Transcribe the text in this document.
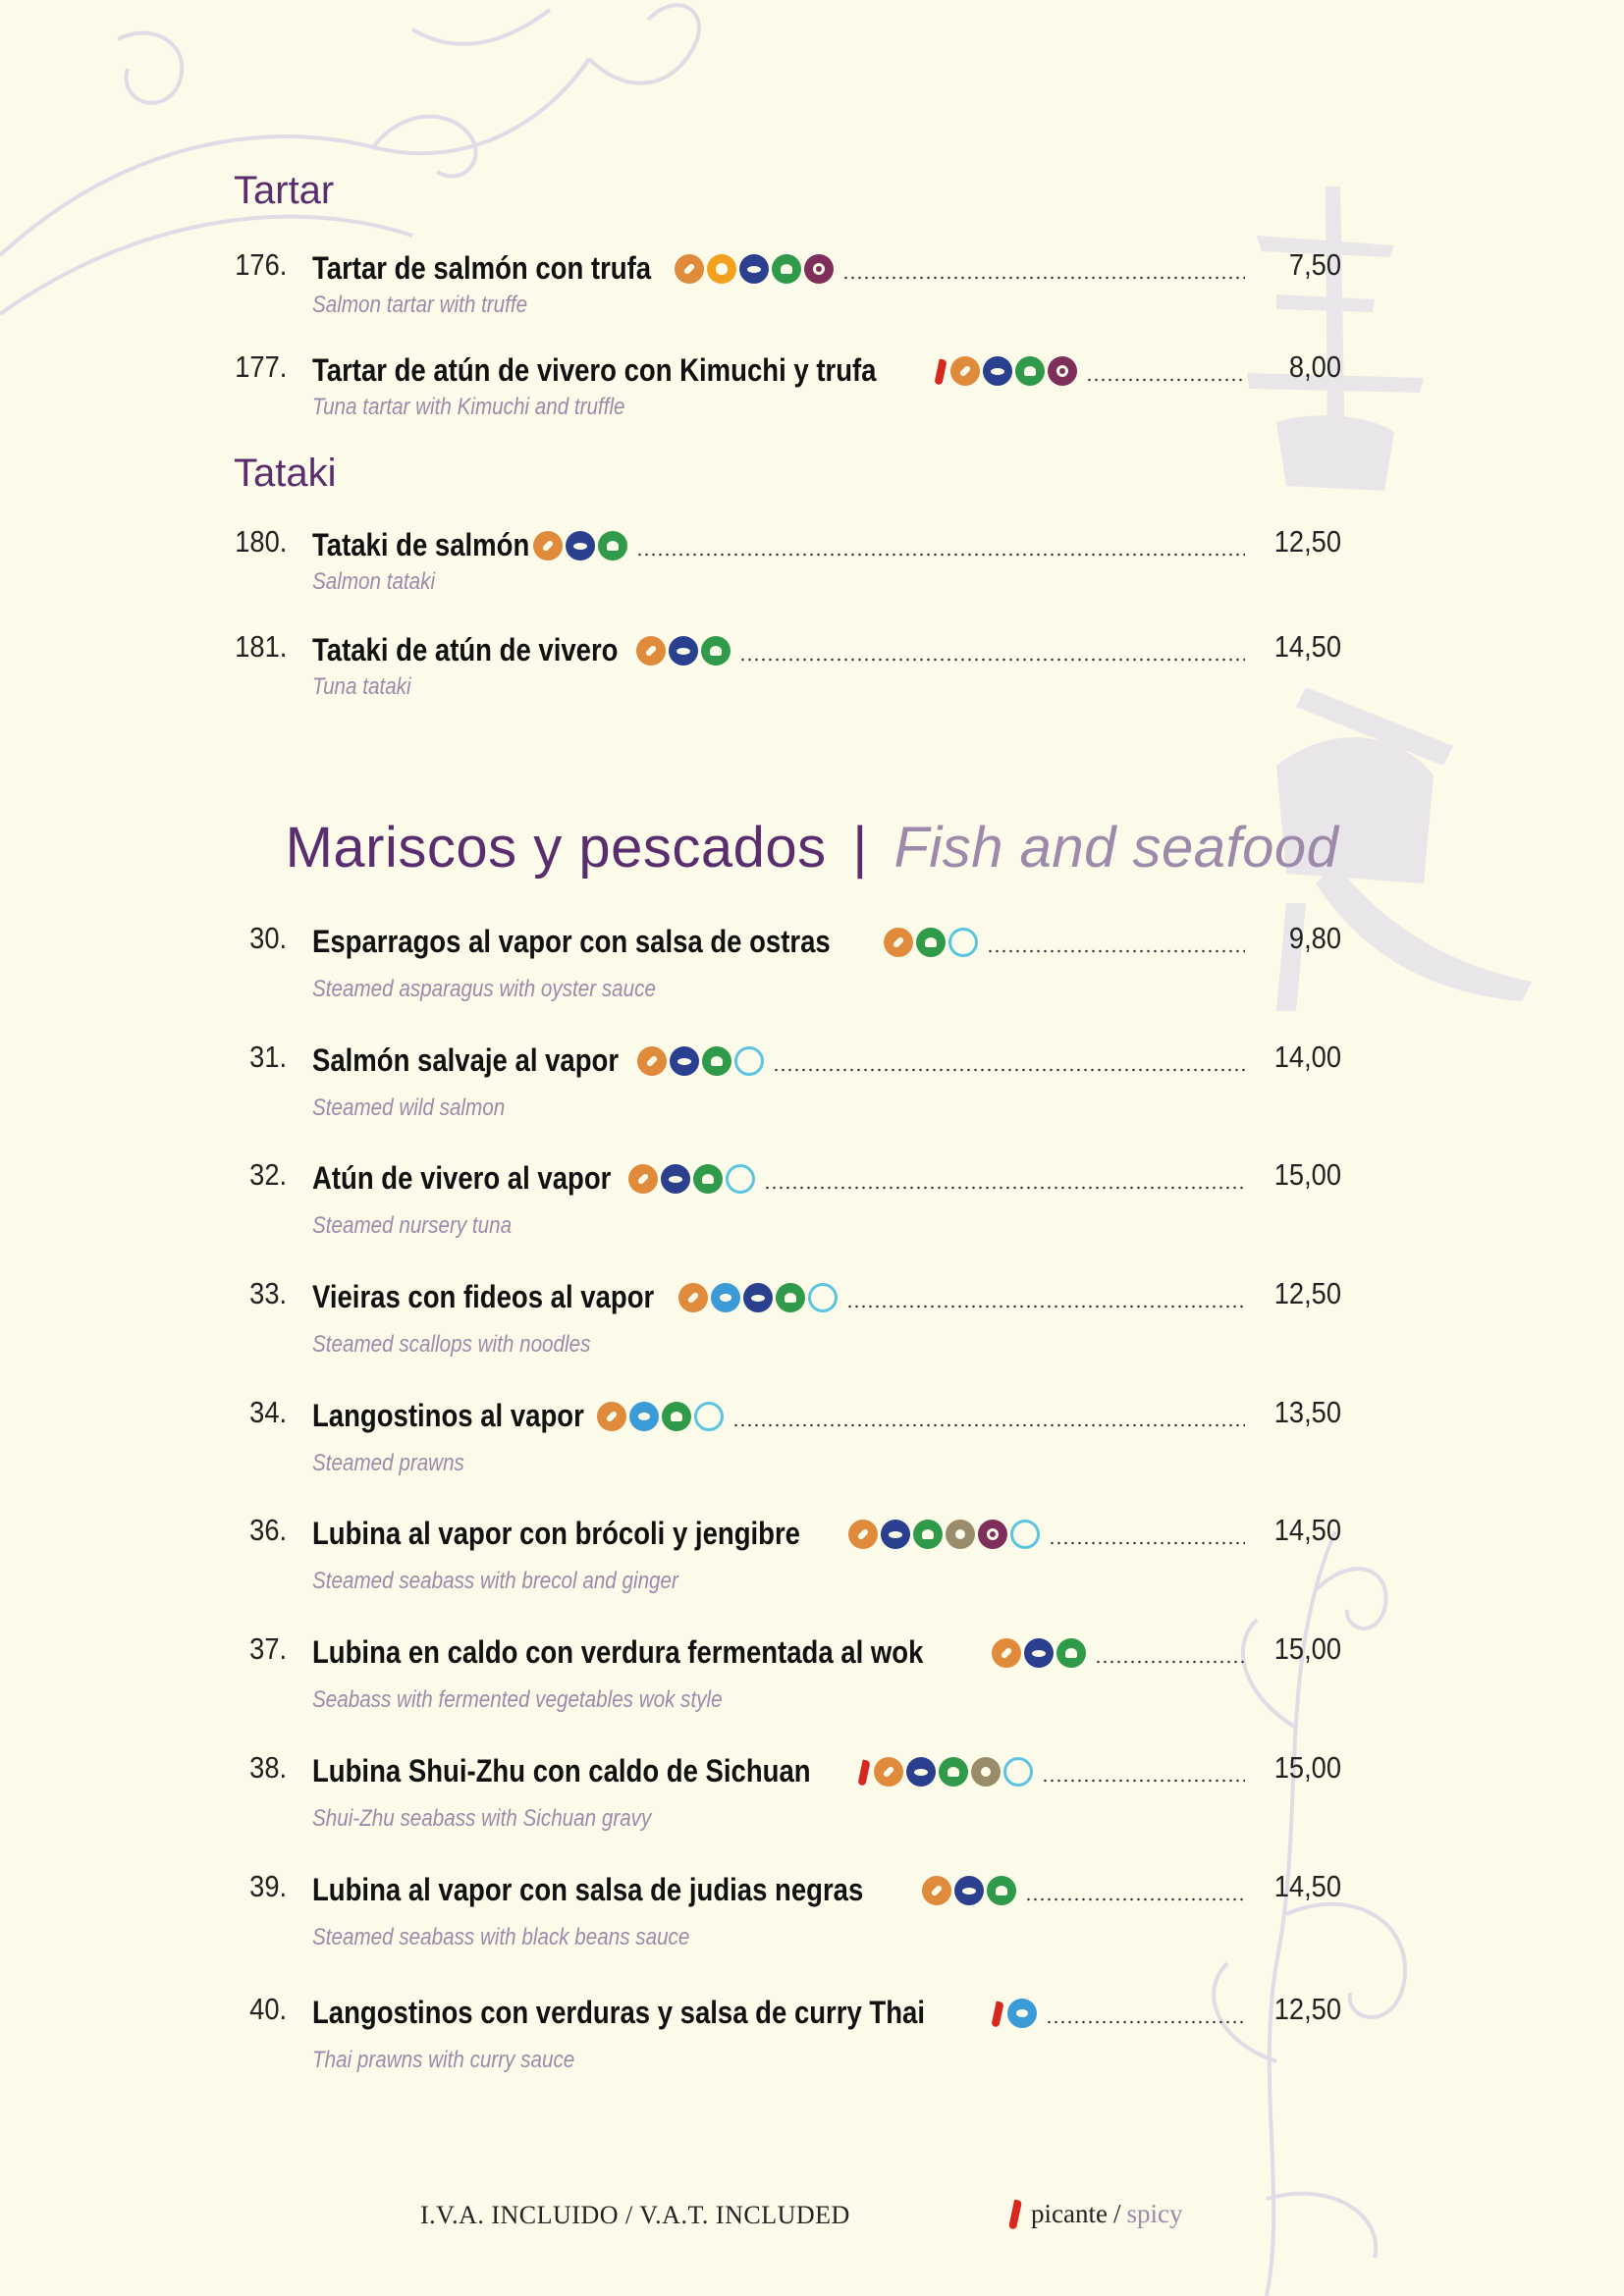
Tartar
Tataki
Mariscos y pescados | Fish and seafood
176. Tartar de salmón con trufa	7,50
Salmon tartar with truffe
177. Tartar de atún de vivero con Kimuchi y trufa	8,00
Tuna tartar with Kimuchi and truffle
180. Tataki de salmón	12,50
Salmon tataki
181. Tataki de atún de vivero	14,50
Tuna tataki
30. Esparragos al vapor con salsa de ostras	9,80
Steamed asparagus with oyster sauce
31. Salmón salvaje al vapor	14,00
Steamed wild salmon
32. Atún de vivero al vapor	15,00
Steamed nursery tuna
33. Vieiras con fideos al vapor	12,50
Steamed scallops with noodles
34. Langostinos al vapor	13,50
Steamed prawns
36. Lubina al vapor con brócoli y jengibre	14,50
Steamed seabass with brecol and ginger
37. Lubina en caldo con verdura fermentada al wok	15,00
Seabass with fermented vegetables wok style
38. Lubina Shui-Zhu con caldo de Sichuan	15,00
Shui-Zhu seabass with Sichuan gravy
39. Lubina al vapor con salsa de judias negras	14,50
Steamed seabass with black beans sauce
40. Langostinos con verduras y salsa de curry Thai	12,50
Thai prawns with curry sauce
I.V.A. INCLUIDO / V.A.T. INCLUDED	picante / spicy
